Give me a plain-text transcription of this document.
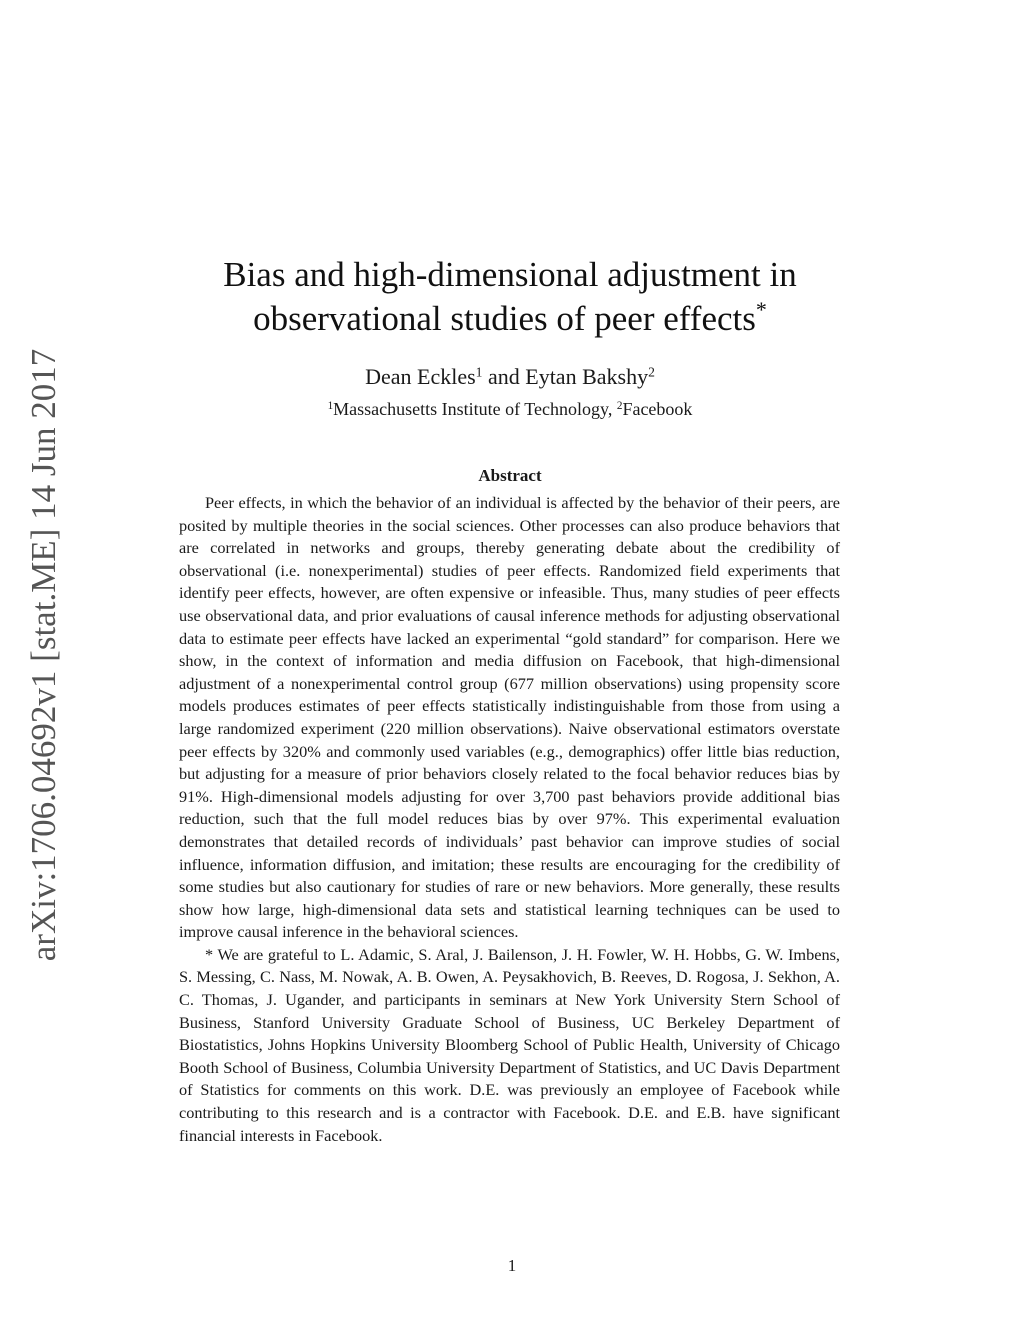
arXiv:1706.04692v1 [stat.ME] 14 Jun 2017
Bias and high-dimensional adjustment in
observational studies of peer effects*
Dean Eckles$^1$ and Eytan Bakshy$^2$
$^1$Massachusetts Institute of Technology, $^2$Facebook
Abstract

Peer effects, in which the behavior of an individual is affected by the behavior of their peers, are posited by multiple theories in the social sciences. Other processes can also produce behaviors that are correlated in networks and groups, thereby generating debate about the credibility of observational (i.e. nonexperimental) studies of peer effects. Randomized field experiments that identify peer effects, however, are often expensive or infeasible. Thus, many studies of peer effects use observational data, and prior evaluations of causal inference methods for adjusting observational data to estimate peer effects have lacked an experimental “gold standard” for comparison. Here we show, in the context of information and media diffusion on Facebook, that high-dimensional adjustment of a nonexperimental control group (677 million observations) using propensity score models produces estimates of peer effects statistically indistinguishable from those from using a large randomized experiment (220 million observations). Naive observational estimators overstate peer effects by 320% and commonly used variables (e.g., demographics) offer little bias reduction, but adjusting for a measure of prior behaviors closely related to the focal behavior reduces bias by 91%. High-dimensional models adjusting for over 3,700 past behaviors provide additional bias reduction, such that the full model reduces bias by over 97%. This experimental evaluation demonstrates that detailed records of individuals’ past behavior can improve studies of social influence, information diffusion, and imitation; these results are encouraging for the credibility of some studies but also cautionary for studies of rare or new behaviors. More generally, these results show how large, high-dimensional data sets and statistical learning techniques can be used to improve causal inference in the behavioral sciences.

* We are grateful to L. Adamic, S. Aral, J. Bailenson, J. H. Fowler, W. H. Hobbs, G. W. Imbens, S. Messing, C. Nass, M. Nowak, A. B. Owen, A. Peysakhovich, B. Reeves, D. Rogosa, J. Sekhon, A. C. Thomas, J. Ugander, and participants in seminars at New York University Stern School of Business, Stanford University Graduate School of Business, UC Berkeley Department of Biostatistics, Johns Hopkins University Bloomberg School of Public Health, University of Chicago Booth School of Business, Columbia University Department of Statistics, and UC Davis Department of Statistics for comments on this work. D.E. was previously an employee of Facebook while contributing to this research and is a contractor with Facebook. D.E. and E.B. have significant financial interests in Facebook.

1
